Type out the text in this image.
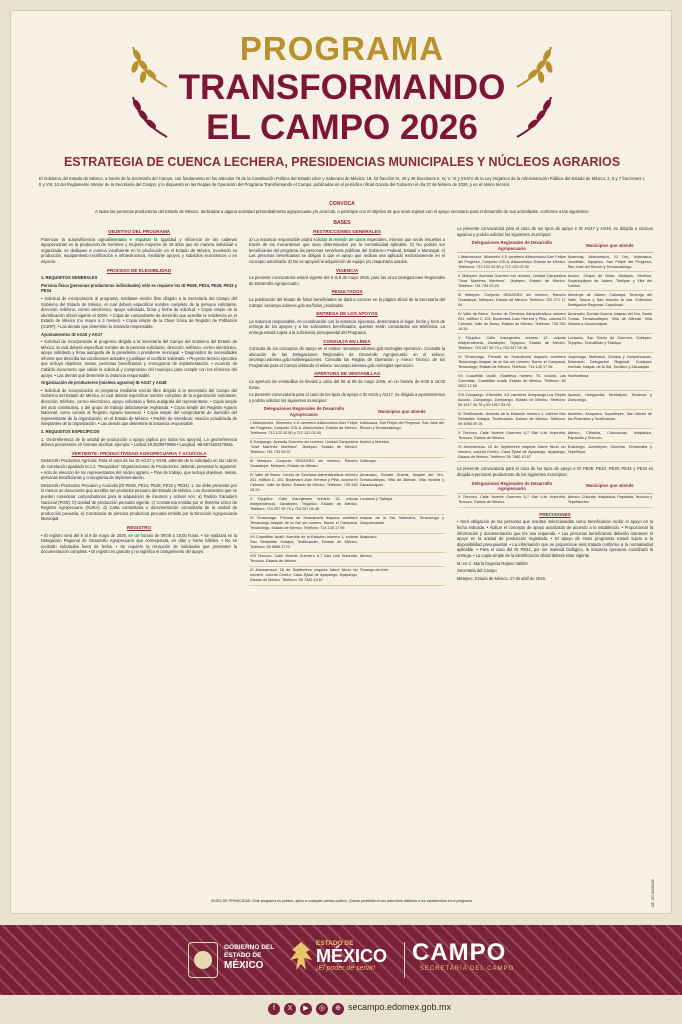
PROGRAMA
TRANSFORMANDO
EL CAMPO 2026
ESTRATEGIA DE CUENCA LECHERA, PRESIDENCIAS MUNICIPALES Y NÚCLEOS AGRARIOS
El Gobierno del Estado de México, a través de la Secretaría del Campo, con fundamento en los artículos 78 de la Constitución Política del Estado Libre y Soberano de México; 19, 23 fracción IX, 40 y 46 fracciones II, IV, V, VI y XXXIV de la Ley Orgánica de la Administración Pública del Estado de México; 2, 5 y 7 fracciones I, II y VIII, 10 del Reglamento Interior de la Secretaría del Campo, y lo dispuesto en las Reglas de Operación del Programa Transformando el Campo, publicadas en el periódico oficial Gaceta del Gobierno el día 27 de febrero de 2026, y en el ánimo técnico.
CONVOCA
A todas las personas productoras del Estado de México, dedicadas a alguna actividad primordialmente agropecuaria y/o acuícola, a participar con el objetivo de que sean sujetas con el apoyo necesario para el desarrollo de sus actividades, conforme a las siguientes:
BASES
OBJETIVO DEL PROGRAMA

Potenciar la autosuficiencia agroalimentaria e impulsar la igualdad y eficiencia de las cadenas agropecuarias en la producción de hombres y mujeres mayores de 18 años que de manera individual u organizada, se dediquen a cuenca insuficiente en la producción en el Estado de México, moviendo su producción, equipamiento tecnificación e infraestructura, mediante apoyos y subsidios económicos o en especie.

PROCESO DE ELEGIBILIDAD

1. REQUISITOS GENERALES

Persona física (personas productoras individuales) sólo se requiere los ID PE08, PE24, PE28, PE33 y PE34

• Solicitud de incorporación al programa, mediante escrito libre dirigido a la Secretaría del Campo del Gobierno del Estado de México, el cual deberá especificar nombre completo de la persona solicitante, dirección, teléfono, correo electrónico, apoyo solicitado, firma y fecha de solicitud. • Copia simple de la identificación oficial vigente al 100%. • Copia de comprobante de domicilio que acredite la residencia en el Estado de México (no mayor a 3 meses). • Copia simple de la Clave Única de Registro de Población (CURP). • Las demás que determine la instancia responsable.

Ayuntamientos ID AG16 y AG17

• Solicitud de incorporación al programa dirigida a la Secretaría del Campo del Gobierno del Estado de México, la cual deberá especificar nombre de la persona solicitante, dirección, teléfono, correo electrónico, apoyo solicitado y firma autógrafa de la presidenta o presidente municipal. • Diagnóstico de necesidades informe que describa las condiciones actuales y justifique el conflicto solicitado. • Proyecto técnico ejecutivo que incluya objetivos, metas, personas beneficiarias y cronograma de implementación. • Acuerdo de Cabildo documento que valide la solicitud y compromiso del municipio para cumplir con los términos del apoyo. • Las demás que determine la instancia responsable.

Organización de productores (núcleos agrarios) ID AG47 y AG48

• Solicitud de incorporación al programa mediante escrito libre dirigido a la Secretaría del Campo del Gobierno del Estado de México, el cual deberá especificar nombre completo de la organización solicitante, dirección, teléfono, correo electrónico, apoyo solicitado y firma autógrafa del representante. • Copia simple del acta constitutiva, o del grupo de trabajo debidamente registrada. • Copia simple del Registro Agrario Nacional, como cumulo al Registro Agrario Nacional. • Copia simple del comprobante de domicilio del representante de la organización, en el Estado de México. • Padrón de miembros: relación actualizada de integrantes de la organización. • Las demás que determine la instancia responsable.

2. REQUISITOS ESPECÍFICOS

1. Georreferencia de la unidad de producción o apoyo (aplica por todos los apoyos). La georreferencia deberá presentarse en formato decimal, ejemplo: • Latitud 19.2920870955 • Longitud -99.5871503170661

VERTIENTE: PRODUCTIVIDAD AGROPECUARIA Y ACUÍCOLA

Desarrollo Productivo Agrícola. Para el caso de los ID AG47 y AG48, además de lo solicitado en los rubros de correlación apartado III.1.2, "Requisitos" Organizaciones de Productores, deberán presentar lo siguiente: • Acta de elección de los representantes del núcleo agrario. • Plan de trabajo, que incluya objetivos, metas, personas beneficiarias y cronograma de implementación.

Desarrollo Productivo Pecuario y Acuícola (ID PE08, PE24, PE28, PE33 y PE34). 1. Se debe presentar por lo menos un documento que acredite ser productor pecuario del Estado de México. Los documentos que se pueden considerar comprobatorios para la adquisición de insumos y activos son: a) Padrón Ganadero Nacional (PGN). b) Unidad de producción pecuaria vigente. c) Constancia emitida por el Sistema Único de Registro Agropecuario (SURA). d) Carta comunitaria o documentación comunitaria de la unidad de producción pecuaria. e) Constancia de persona productora pecuaria emitida por la Dirección Agropecuaria Municipal.

REGISTRO

• El registro será del 6 al 8 de mayo de 2026, en un horario de 09:00 a 18:00 horas. • Se realizará en la Delegación Regional de Desarrollo Agropecuario que corresponda, en días y horas hábiles. • No se recibirán solicitudes fuera de fecha. • Se requiere la recepción de solicitudes que presenten la documentación completa. • El registro es gratuito y no significa el otorgamiento del apoyo.

RESTRICCIONES GENERALES

a) La instancia responsable podrá solicitar la revisión de casos especiales, mismos que serán resueltos a través de los mecanismos que sean determinados por la normatividad aplicable. b) No podrán ser beneficiarias del programa las personas servidoras públicas del Gobierno Federal, Estatal o Municipal. c) Las personas beneficiarias se obligan a que el apoyo que reciban sea aplicado exclusivamente en el concepto autorizado. d) No se apoyará la adquisición de equipo y/o maquinaria usados.

VIGENCIA

La presente convocatoria estará vigente del 6 al 8 de mayo 2026, para las cinco Delegaciones Regionales de Desarrollo Agropecuario.

RESULTADOS

La publicación del listado de folios beneficiados se dará a conocer en la página oficial de la Secretaría del Campo: secampo.edomex.gob.mx/folios_resultados

ENTREGA DE LOS APOYOS

La instancia responsable, en coordinación con la instancia ejecutora, determinará el lugar, fecha y hora de entrega de los apoyos y a los solicitantes beneficiados, quienes serán contactados vía telefónica. La entrega estará sujeta a la suficiencia presupuestal del Programa.

CONSULTA EN LÍNEA

Consulta de los conceptos de apoyo en el enlace: secampo.edomex.gob.mx/reglas-operacion. Consulta la ubicación de las Delegaciones Regionales de Desarrollo Agropecuario en el enlace: secampo.edomex.gob.mx/delegaciones. Consulta las Reglas de Operación y Anexo Técnico de los Programas para el Campo visitando el enlace: secampo.edomex.gob.mx/reglas-operacion.

APERTURA DE VENTANILLAS

La apertura de ventanillas se llevará a cabo del 06 al 08 de mayo 2026, en un horario de 9:00 a 18:00 horas.

La presente convocatoria para el caso de los tipos de apoyo e ID AG16 y AG17, es dirigida a ayuntamientos y podrán solicitar los siguientes municipios:

Delegaciones Regionales de Desarrollo Agropecuario	Municipios que atiende
I Atlacomulco. Kilómetro 4.5 carretera Atlacomulco-San Felipe del Progreso, Conjunto COLA, Atlacomulco, Estado de México. Teléfonos: 712 122 00 80 y 712 122 03 90	Ixtlahuaca, San Felipe del Progreso, San José del Rincón y Temascalcingo.
II Zumpango. Avenida Guerrero sin número, Unidad Campesina "José Martínez Martínez", Jilotepec, Estado de México. Teléfono: 761 734 05 57	Acolco y Morelos.
III Metepec. Conjunto SEDAGRO sin número, Rancho Guadalupe, Metepec, Estado de México.	Calimaya.
IV Valle de Bravo. Centro de Servicios Administrativos número 201, edificio C, 101, Boulevard Juan Herrera y Piña, colonia El Calvario, Valle de Bravo, Estado de México. Teléfono: 726 262 18 26	Amanalco, Donato Guerra, Ixtapan del Oro, Temascaltepec, Villa de Allende, Villa Victoria y Zacazonapan.
V Tejupilco. Calle Insurgentes número 12, colonia Independencia, Zacatepec, Tejupilco, Estado de México. Teléfono: 724 267 39 75 y 724 267 09 46	Luvianos y Tlatlaya.
VI Tenancingo. Privada de Huacalcuila esquina carretera Tenancingo-Ixtapan de la Sal sin número, Barrio el Campana, Tenancingo, Estado de México. Teléfono: 714 140 17 96	Ixtapan de la Sal, Malinalco, Tenancingo y Zumpahuacán.
VII Cuautitlán Izcalli. Avenida de la Estación número 1, colonia San Sebastián Xolalpa, Teotihuacán, Estado de México. Teléfono: 55 5856 2770	Axapusco.
VIII Texcoco. Calle Vicente Guerrero 6-7 San Luis Huexotla, Texcoco, Estado de México.	Atenco.
IX Amecameca. 16 de Septiembre esquina Jaime Nuno sin número, colonia Centro, Casa Ejidal de Ayapango, Ayapango, Estado de México. Teléfono: 59 7982 43 67	Tenango del Aire.

La presente convocatoria para el caso de los tipos de apoyo e ID AG47 y AG48, es dirigida a núcleos agrarios y podrán solicitar los siguientes municipios:

Delegaciones Regionales de Desarrollo Agropecuario	Municipios que atiende
I Atlacomulco. Kilómetro 4.5 carretera Atlacomulco-San Felipe del Progreso, Conjunto COLA, Atlacomulco, Estado de México. Teléfonos: 712 122 00 80 y 712 122 03 90	Acambay, Atlacomulco, El Oro, Ixtlahuaca, Jocotitlán, Jiquipilco, San Felipe del Progreso, San José del Rincón y Temascalcingo.
II Jilotepec. Avenida Guerrero sin número, Unidad Campesina "José Martínez Martínez", Jilotepec, Estado de México. Teléfono: 761 734 03 25	Aculco, Chapa de Mota, Jilotepec, Morelos, Soyaniquilpan de Juárez, Timilpan y Villa del Carbón.
III Metepec. Conjunto SEDAGRO sin número, Rancho Guadalupe, Metepec, Estado de México. Teléfono: 722 271 17 94	Almoloya de Juárez, Calimaya, Tenango del Valle, Toluca y San Antonio la Isla. Extensión Delegación Regional: Capulhuac.
IV Valle de Bravo. Centro de Servicios Administrativos número 201, edificio C 101, Boulevard Juan Herrera y Piña, colonia El Calvario, Valle de Bravo, Estado de México. Teléfono: 726 262 18 26	Amanalco, Donato Guerra, Ixtapan del Oro, Santo Tomás, Temascaltepec, Villa de Allende, Villa Victoria y Zacazonapan.
V Tejupilco. Calle Insurgentes número 12, colonia Independencia, Zacatepec, Tejupilco, Estado de México. Teléfono: 724 267 39 75 y 724 267 09 46	Luvianos, San Simón de Guerrero, Sultepec, Tejupilco, Texcaltitlán y Tlatlaya.
VI Tenancingo. Privada de Huacalcuila esquina carretera Tenancingo-Ixtapan de la Sal sin número, Barrio el Campana, Tenancingo, Estado de México. Teléfono: 714 140 17 96	Joquicingo, Malinalco, Ocuilan y Zumpahuacán. Extensión Delegación Regional: Coatepec Harinas, Ixtapan de la Sal, Tonatico y Zacualpan.
VII Cuautitlán Izcalli. Sudáfrica número 76, colonia Las Conchitas, Cuautitlán Izcalli, Estado de México. Teléfono: 55 2602 12 60	Huehuetoca.
VIII Zumpango. Kilómetro 3.5 carretera Zumpango-Los Reyes Acozac, Zumpango, Zumpango, Estado de México. Teléfono: 59 1917 00 79 y 59 1917 53 05	Apaxco, Hueypoxtla, Nextlalpan, Tecámac y Zumpango.
IX Teotihuacán. Avenida de la Estación número 1, colonia San Sebastián Xolalpa, Teotihuacán, Estado de México. Teléfono: 59 4958 05 15	Acolman, Axapusco, Nopaltepec, San Martín de las Pirámides y Teotihuacán.
X Texcoco. Calle Vicente Guerrero 6-7 San Luis Huexotla, Texcoco, Estado de México.	Atenco, Chiautla, Chiconcuac, Ixtapaluca, Papalotla y Texcoco.
XI Amecameca. 16 de Septiembre esquina Jaime Nuno sin número, colonia Centro, Casa Ejidal de Ayapango, Ayapango, Estado de México. Teléfono: 59 7982 43 67	Ecatzingo, Juchitepec, Ozumba, Temamatla y Tepetlixpa.

La presente convocatoria para el caso de los tipos de apoyo e ID PE08, PE24, PE28, PE33 y PE34 es dirigida a personas productoras de los siguientes municipios:

Delegaciones Regionales de Desarrollo Agropecuario	Municipios que atiende
X Texcoco. Calle Vicente Guerrero 6-7 San Luis Huexotla, Texcoco, Estado de México.	Atenco, Chiautla, Ixtapaluca, Papalotla, Texcoco y Tepetlaoxtoc.
PRECISIONES

• Será obligación de las personas que resulten seleccionadas como beneficiarias recibir el apoyo en la fecha indicada. • Aplicar el concepto de apoyo autorizado de acuerdo a lo establecido. • Proporcionar la información y documentación que les sea requerida. • Las personas beneficiarias deberán mantener el apoyo en la unidad de producción registrada. • El apoyo de estos programas estará sujeto a la disponibilidad presupuestal. • La información que se proporcione será tratada conforme a la normatividad aplicable. • Para el caso del ID PE34, por ser material biológico, la instancia ejecutora coordinará la entrega. • La copia simple de la identificación oficial deberá estar vigente.

M. en C. María Eugenia Rojano Valdés

Secretaria del Campo

Metepec, Estado de México, 27 de abril de 2026.

AVISO DE PRIVACIDAD. Este programa es público, ajeno a cualquier partido político. Queda prohibido el uso para fines distintos a los establecidos en el programa.	CE: 207/A/006/26
GOBIERNO DEL
ESTADO DE
MÉXICO
ESTADO DE
MÉXICO
¡El poder de servir!
CAMPO
SECRETARÍA DEL CAMPO
f	X	▶	◎	⊕ secampo.edomex.gob.mx
